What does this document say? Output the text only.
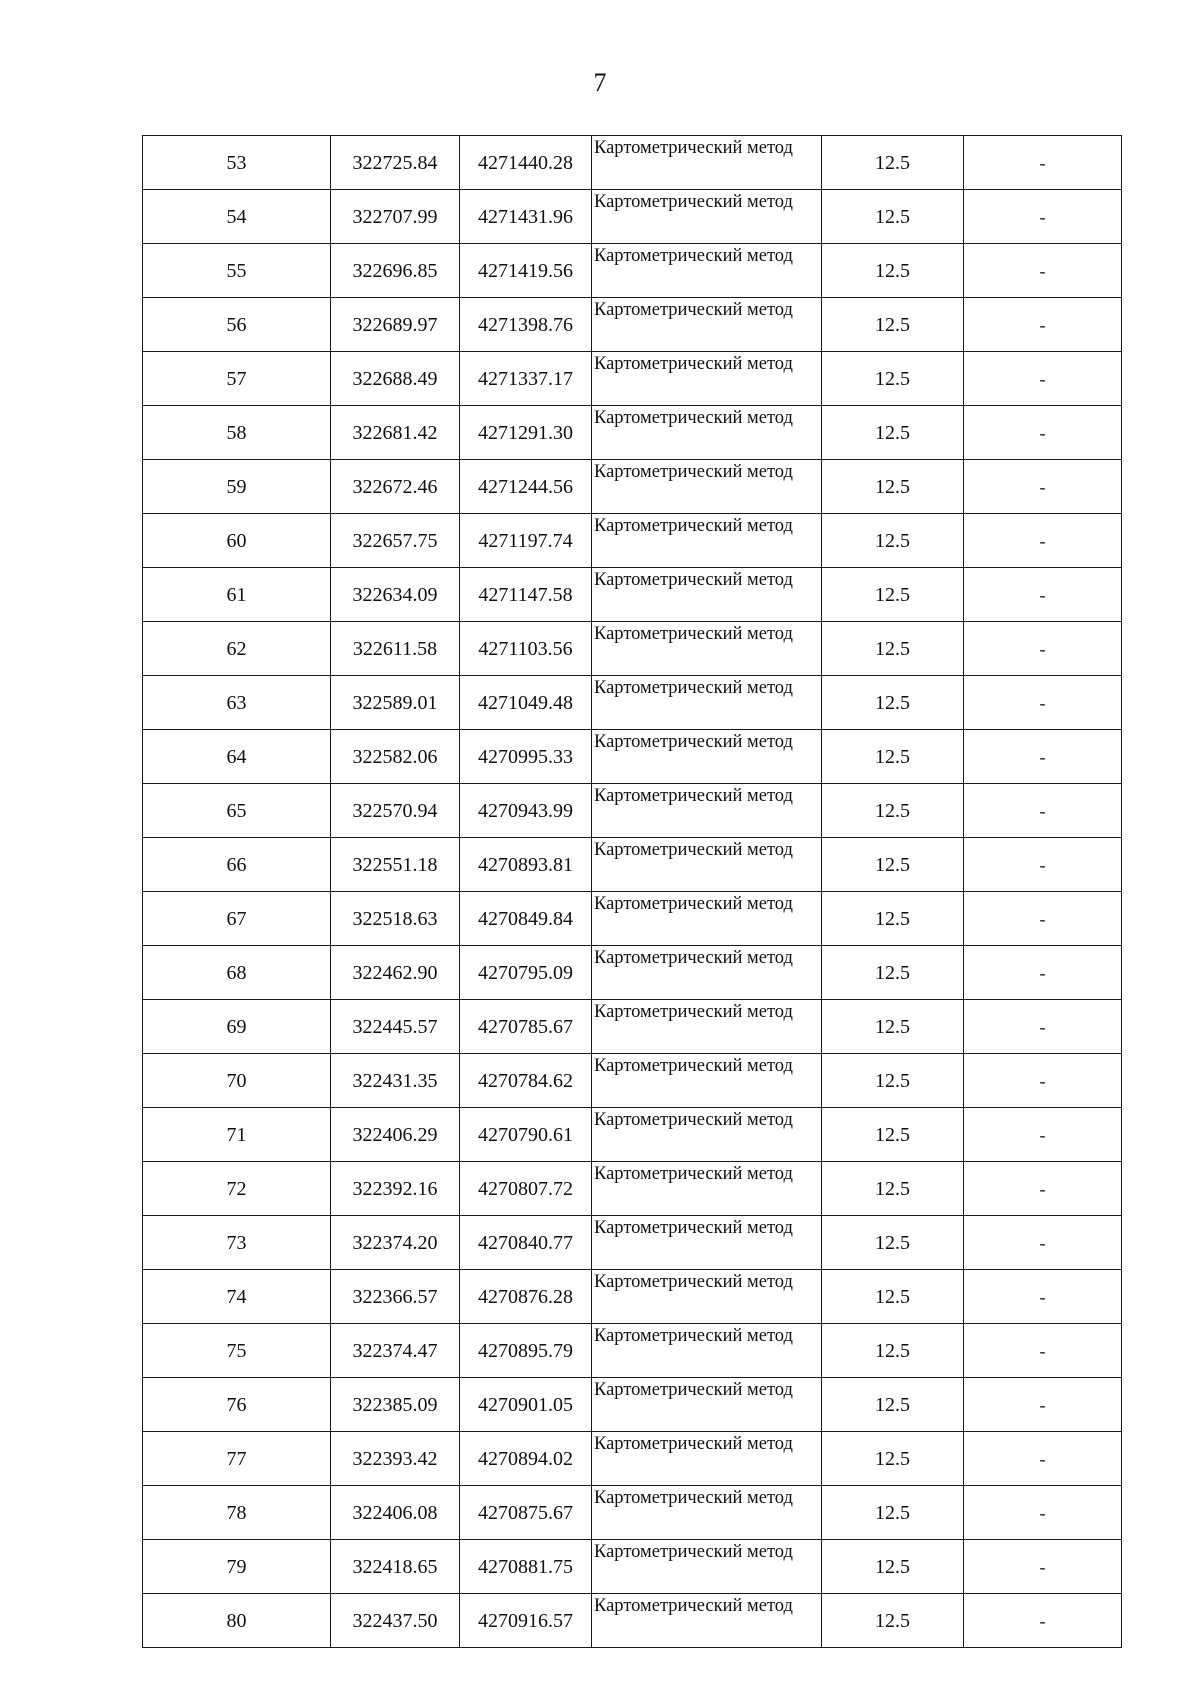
7
53	322725.84	4271440.28	Картометрический метод	12.5	-
54	322707.99	4271431.96	Картометрический метод	12.5	-
55	322696.85	4271419.56	Картометрический метод	12.5	-
56	322689.97	4271398.76	Картометрический метод	12.5	-
57	322688.49	4271337.17	Картометрический метод	12.5	-
58	322681.42	4271291.30	Картометрический метод	12.5	-
59	322672.46	4271244.56	Картометрический метод	12.5	-
60	322657.75	4271197.74	Картометрический метод	12.5	-
61	322634.09	4271147.58	Картометрический метод	12.5	-
62	322611.58	4271103.56	Картометрический метод	12.5	-
63	322589.01	4271049.48	Картометрический метод	12.5	-
64	322582.06	4270995.33	Картометрический метод	12.5	-
65	322570.94	4270943.99	Картометрический метод	12.5	-
66	322551.18	4270893.81	Картометрический метод	12.5	-
67	322518.63	4270849.84	Картометрический метод	12.5	-
68	322462.90	4270795.09	Картометрический метод	12.5	-
69	322445.57	4270785.67	Картометрический метод	12.5	-
70	322431.35	4270784.62	Картометрический метод	12.5	-
71	322406.29	4270790.61	Картометрический метод	12.5	-
72	322392.16	4270807.72	Картометрический метод	12.5	-
73	322374.20	4270840.77	Картометрический метод	12.5	-
74	322366.57	4270876.28	Картометрический метод	12.5	-
75	322374.47	4270895.79	Картометрический метод	12.5	-
76	322385.09	4270901.05	Картометрический метод	12.5	-
77	322393.42	4270894.02	Картометрический метод	12.5	-
78	322406.08	4270875.67	Картометрический метод	12.5	-
79	322418.65	4270881.75	Картометрический метод	12.5	-
80	322437.50	4270916.57	Картометрический метод	12.5	-
